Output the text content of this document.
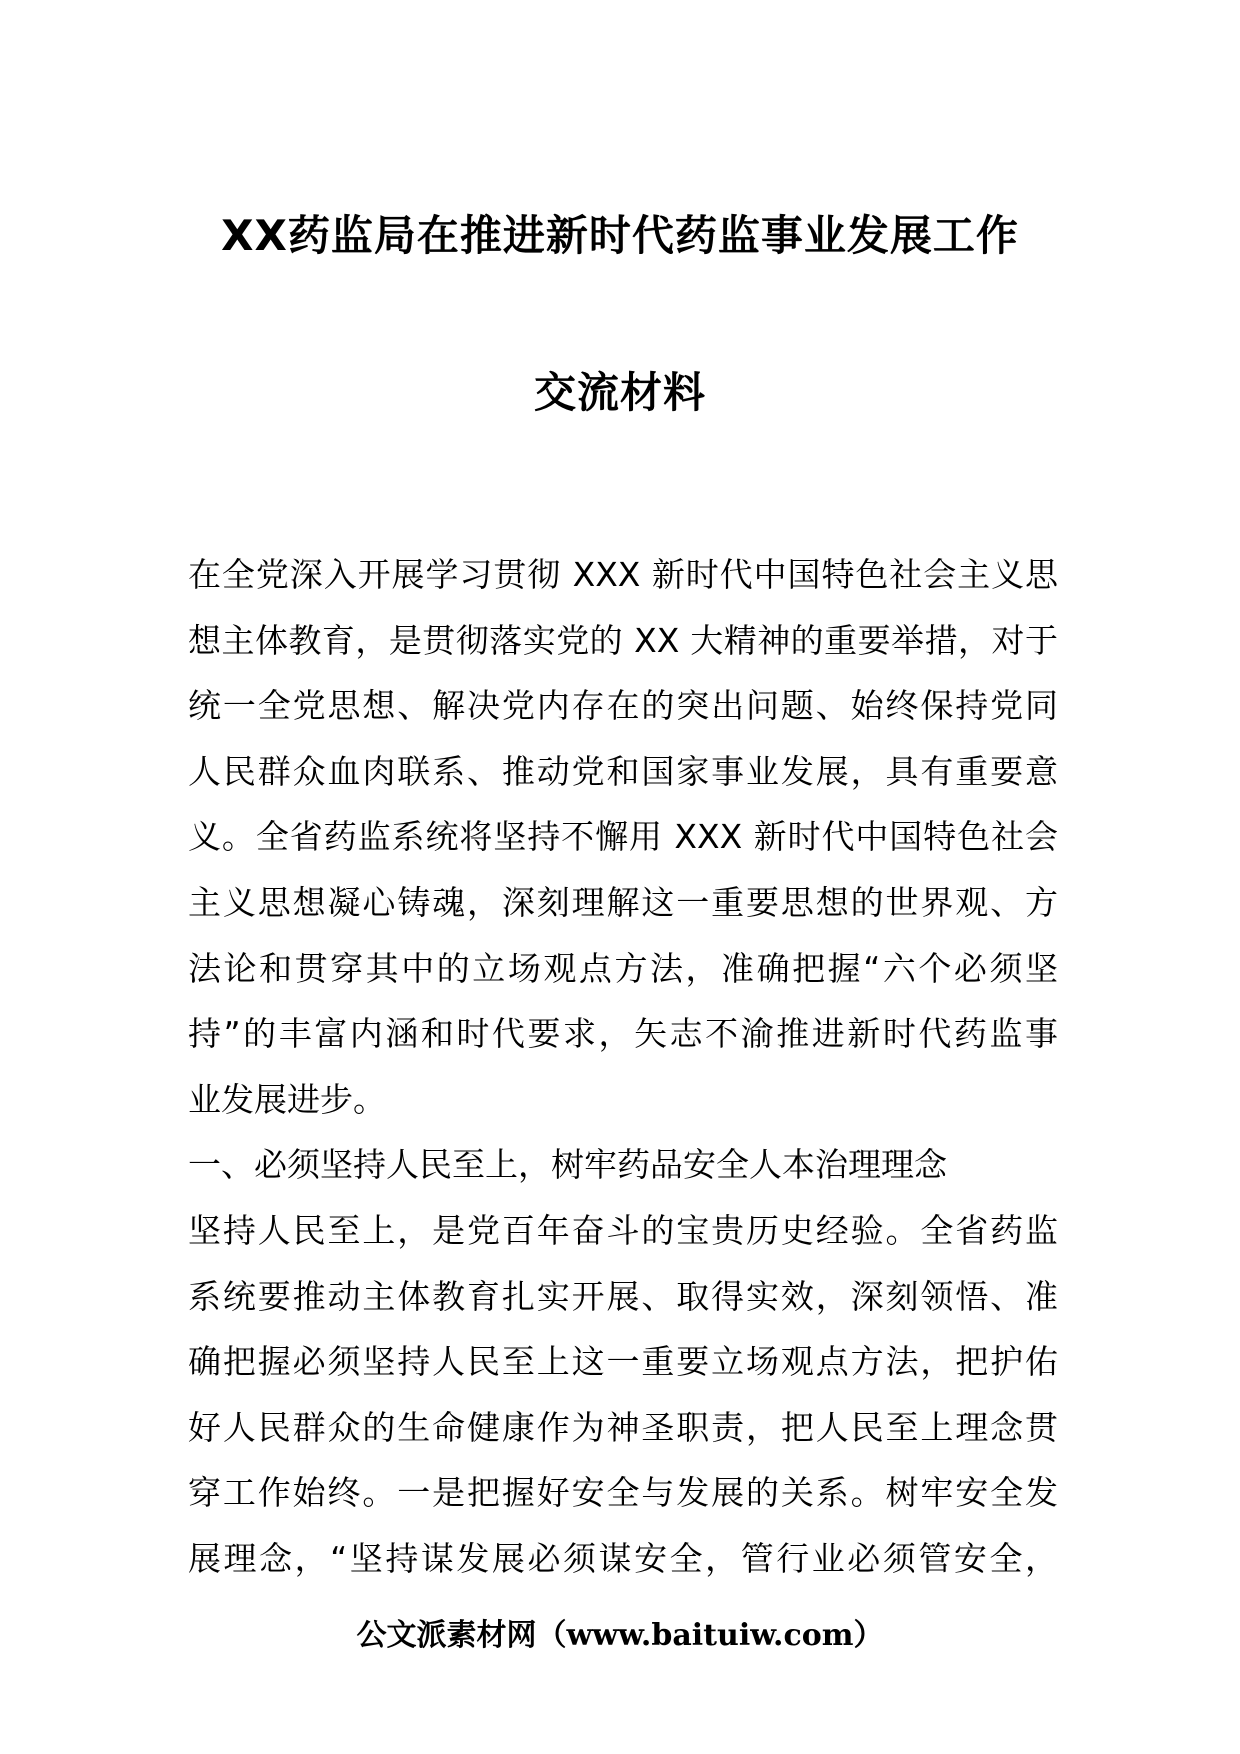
XX药监局在推进新时代药监事业发展工作
交流材料
在全党深入开展学习贯彻 XXX 新时代中国特色社会主义思
想主体教育，是贯彻落实党的 XX 大精神的重要举措，对于
统一全党思想、解决党内存在的突出问题、始终保持党同
人民群众血肉联系、推动党和国家事业发展，具有重要意
义。全省药监系统将坚持不懈用 XXX 新时代中国特色社会
主义思想凝心铸魂，深刻理解这一重要思想的世界观、方
法论和贯穿其中的立场观点方法，准确把握“六个必须坚
持”的丰富内涵和时代要求，矢志不渝推进新时代药监事
业发展进步。
一、必须坚持人民至上，树牢药品安全人本治理理念
坚持人民至上，是党百年奋斗的宝贵历史经验。全省药监
系统要推动主体教育扎实开展、取得实效，深刻领悟、准
确把握必须坚持人民至上这一重要立场观点方法，把护佑
好人民群众的生命健康作为神圣职责，把人民至上理念贯
穿工作始终。一是把握好安全与发展的关系。树牢安全发
展理念，“坚持谋发展必须谋安全，管行业必须管安全，
公文派素材网（www.baituiw.com）
